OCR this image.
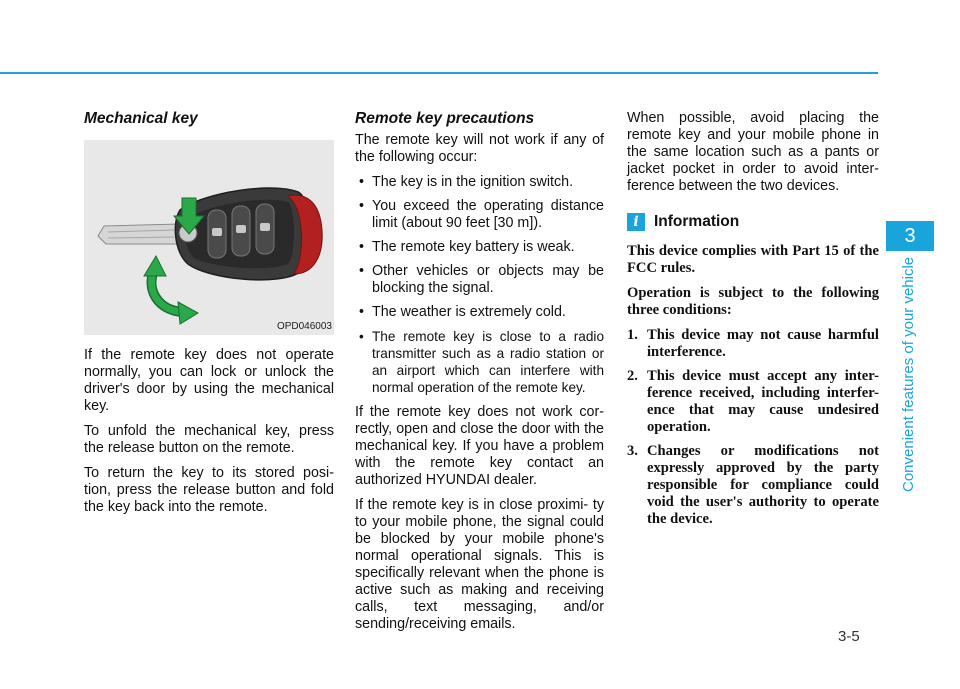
Mechanical key
OPD046003

If the remote key does not operate normally, you can lock or unlock the driver's door by using the mechanical key.

To unfold the mechanical key, press the release button on the remote.

To return the key to its stored posi- tion, press the release button and fold the key back into the remote.

Remote key precautions

The remote key will not work if any of the following occur:

• The key is in the ignition switch.
• You exceed the operating distance limit (about 90 feet [30 m]).
• The remote key battery is weak.
• Other vehicles or objects may be blocking the signal.
• The weather is extremely cold.
• The remote key is close to a radio transmitter such as a radio station or an airport which can interfere with normal operation of the remote key.

If the remote key does not work cor- rectly, open and close the door with the mechanical key. If you have a problem with the remote key contact an authorized HYUNDAI dealer.

If the remote key is in close proximi- ty to your mobile phone, the signal could be blocked by your mobile phone's normal operational signals. This is specifically relevant when the phone is active such as making and receiving calls, text messaging, and/or sending/receiving emails.

When possible, avoid placing the remote key and your mobile phone in the same location such as a pants or jacket pocket in order to avoid inter- ference between the two devices.

i Information

This device complies with Part 15 of the FCC rules.

Operation is subject to the following three conditions:

1. This device may not cause harmful interference.
2. This device must accept any inter- ference received, including interfer- ence that may cause undesired operation.
3. Changes or modifications not expressly approved by the party responsible for compliance could void the user's authority to operate the device.
3
Convenient features of your vehicle
3-5
